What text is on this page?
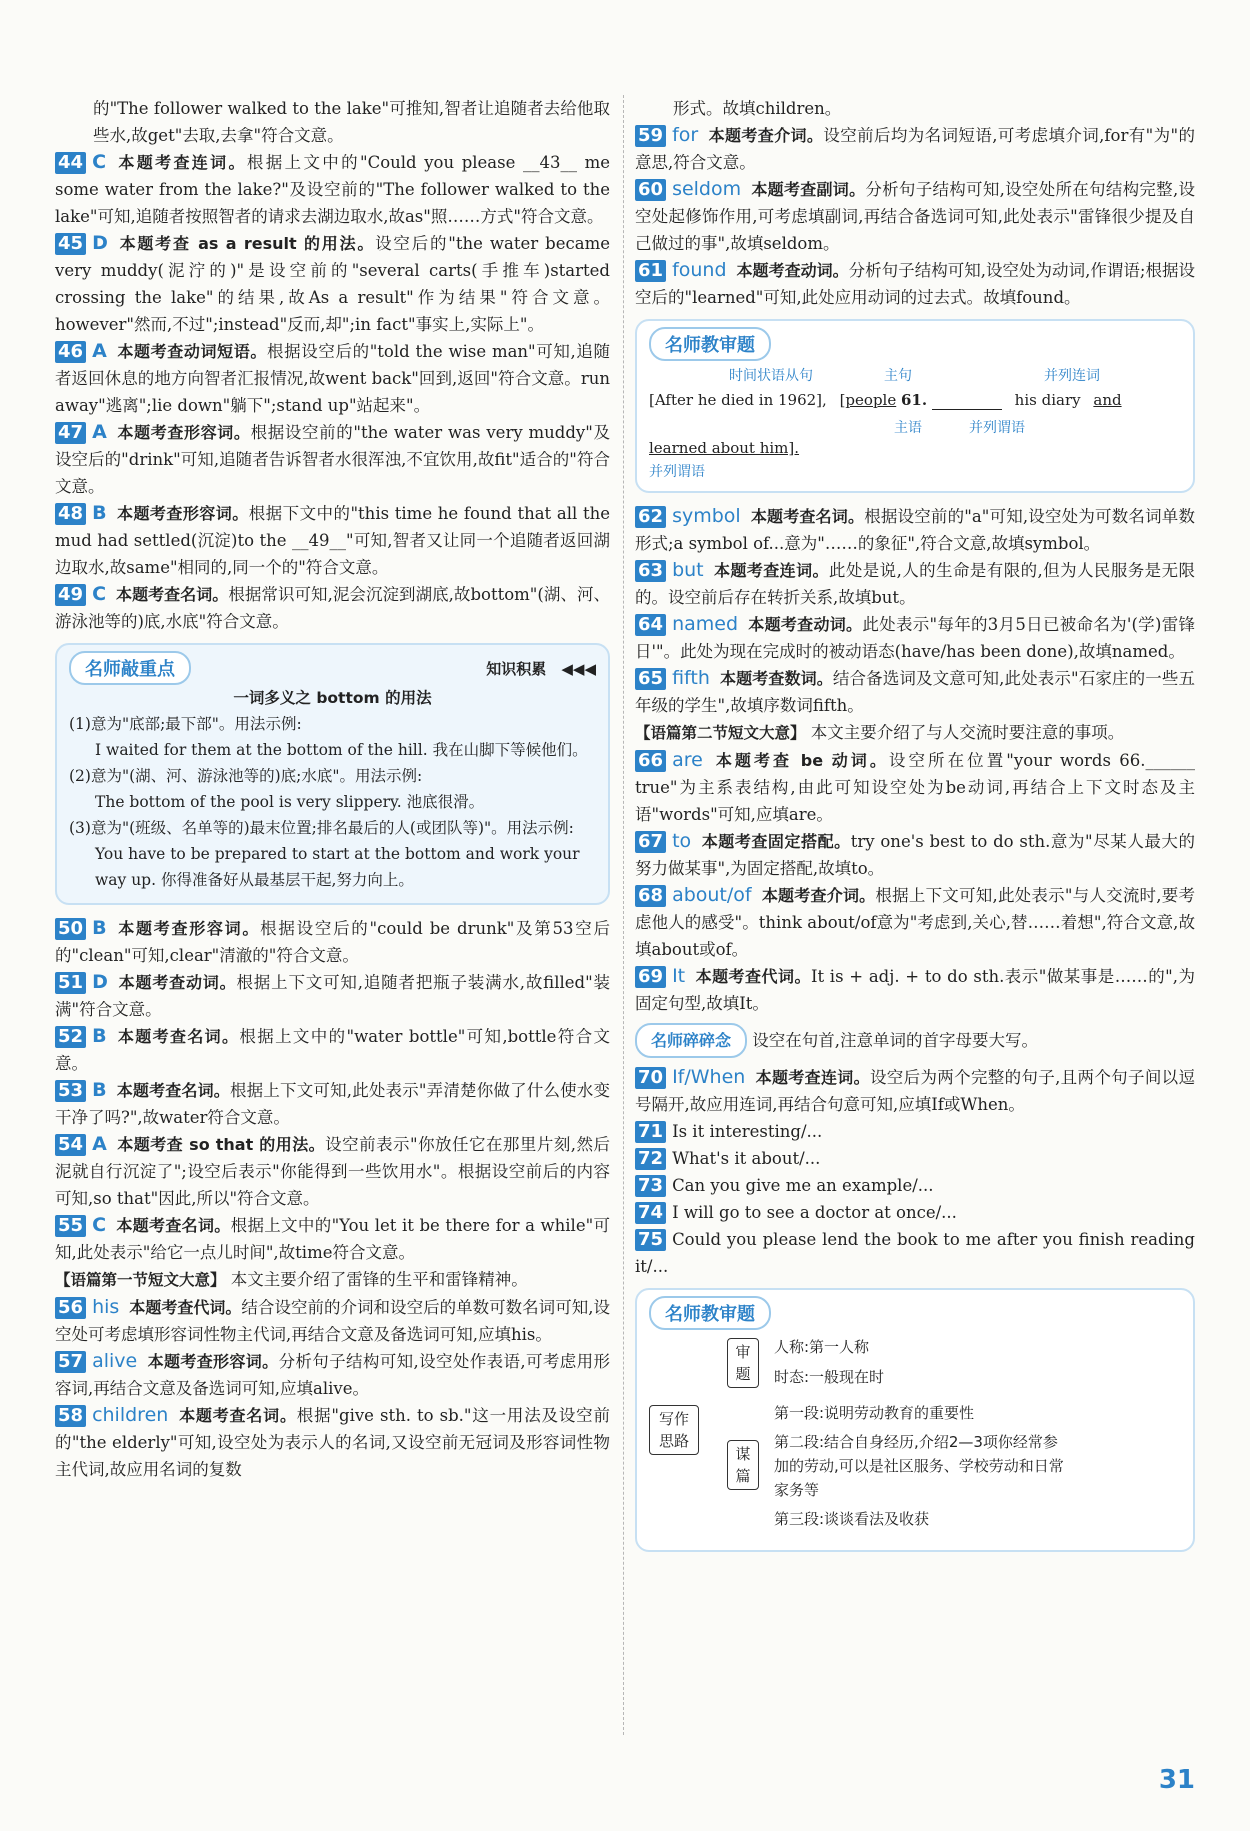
的"The follower walked to the lake"可推知,智者让追随者去给他取些水,故get"去取,去拿"符合文意。

44 C 本题考查连词。根据上文中的"Could you please __43__ me some water from the lake?"及设空前的"The follower walked to the lake"可知,追随者按照智者的请求去湖边取水,故as"照……方式"符合文意。

45 D 本题考查 as a result 的用法。设空后的"the water became very muddy(泥泞的)"是设空前的"several carts(手推车)started crossing the lake"的结果,故As a result"作为结果"符合文意。however"然而,不过";instead"反而,却";in fact"事实上,实际上"。

46 A 本题考查动词短语。根据设空后的"told the wise man"可知,追随者返回休息的地方向智者汇报情况,故went back"回到,返回"符合文意。run away"逃离";lie down"躺下";stand up"站起来"。

47 A 本题考查形容词。根据设空前的"the water was very muddy"及设空后的"drink"可知,追随者告诉智者水很浑浊,不宜饮用,故fit"适合的"符合文意。

48 B 本题考查形容词。根据下文中的"this time he found that all the mud had settled(沉淀)to the __49__"可知,智者又让同一个追随者返回湖边取水,故same"相同的,同一个的"符合文意。

49 C 本题考查名词。根据常识可知,泥会沉淀到湖底,故bottom"(湖、河、游泳池等的)底,水底"符合文意。

名师敲重点	知识积累 ◀◀◀

一词多义之 bottom 的用法

(1)意为"底部;最下部"。用法示例:

I waited for them at the bottom of the hill. 我在山脚下等候他们。

(2)意为"(湖、河、游泳池等的)底;水底"。用法示例:

The bottom of the pool is very slippery. 池底很滑。

(3)意为"(班级、名单等的)最末位置;排名最后的人(或团队等)"。用法示例:

You have to be prepared to start at the bottom and work your way up. 你得准备好从最基层干起,努力向上。

50 B 本题考查形容词。根据设空后的"could be drunk"及第53空后的"clean"可知,clear"清澈的"符合文意。

51 D 本题考查动词。根据上下文可知,追随者把瓶子装满水,故filled"装满"符合文意。

52 B 本题考查名词。根据上文中的"water bottle"可知,bottle符合文意。

53 B 本题考查名词。根据上下文可知,此处表示"弄清楚你做了什么使水变干净了吗?",故water符合文意。

54 A 本题考查 so that 的用法。设空前表示"你放任它在那里片刻,然后泥就自行沉淀了";设空后表示"你能得到一些饮用水"。根据设空前后的内容可知,so that"因此,所以"符合文意。

55 C 本题考查名词。根据上文中的"You let it be there for a while"可知,此处表示"给它一点儿时间",故time符合文意。

【语篇第一节短文大意】 本文主要介绍了雷锋的生平和雷锋精神。

56 his 本题考查代词。结合设空前的介词和设空后的单数可数名词可知,设空处可考虑填形容词性物主代词,再结合文意及备选词可知,应填his。

57 alive 本题考查形容词。分析句子结构可知,设空处作表语,可考虑用形容词,再结合文意及备选词可知,应填alive。

58 children 本题考查名词。根据"give sth. to sb."这一用法及设空前的"the elderly"可知,设空处为表示人的名词,又设空前无冠词及形容词性物主代词,故应用名词的复数

形式。故填children。

59 for 本题考查介词。设空前后均为名词短语,可考虑填介词,for有"为"的意思,符合文意。

60 seldom 本题考查副词。分析句子结构可知,设空处所在句结构完整,设空处起修饰作用,可考虑填副词,再结合备选词可知,此处表示"雷锋很少提及自己做过的事",故填seldom。

61 found 本题考查动词。分析句子结构可知,设空处为动词,作谓语;根据设空后的"learned"可知,此处应用动词的过去式。故填found。

名师教审题
时间状语从句	主句	并列连词
[After he died in 1962], [people 61.	his diary and
主语	并列谓语
learned about him].
并列谓语

62 symbol 本题考查名词。根据设空前的"a"可知,设空处为可数名词单数形式;a symbol of...意为"……的象征",符合文意,故填symbol。

63 but 本题考查连词。此处是说,人的生命是有限的,但为人民服务是无限的。设空前后存在转折关系,故填but。

64 named 本题考查动词。此处表示"每年的3月5日已被命名为'(学)雷锋日'"。此处为现在完成时的被动语态(have/has been done),故填named。

65 fifth 本题考查数词。结合备选词及文意可知,此处表示"石家庄的一些五年级的学生",故填序数词fifth。

【语篇第二节短文大意】 本文主要介绍了与人交流时要注意的事项。

66 are 本题考查 be 动词。设空所在位置"your words 66.______ true"为主系表结构,由此可知设空处为be动词,再结合上下文时态及主语"words"可知,应填are。

67 to 本题考查固定搭配。try one's best to do sth.意为"尽某人最大的努力做某事",为固定搭配,故填to。

68 about/of 本题考查介词。根据上下文可知,此处表示"与人交流时,要考虑他人的感受"。think about/of意为"考虑到,关心,替……着想",符合文意,故填about或of。

69 It 本题考查代词。It is + adj. + to do sth.表示"做某事是……的",为固定句型,故填It。

名师碎碎念 设空在句首,注意单词的首字母要大写。

70 If/When 本题考查连词。设空后为两个完整的句子,且两个句子间以逗号隔开,故应用连词,再结合句意可知,应填If或When。

71 Is it interesting/...

72 What's it about/...

73 Can you give me an example/...

74 I will go to see a doctor at once/...

75 Could you please lend the book to me after you finish reading it/...

名师教审题
写作思路
审题
谋篇
人称:第一人称
时态:一般现在时
第一段:说明劳动教育的重要性
第二段:结合自身经历,介绍2—3项你经常参加的劳动,可以是社区服务、学校劳动和日常家务等
第三段:谈谈看法及收获
31
